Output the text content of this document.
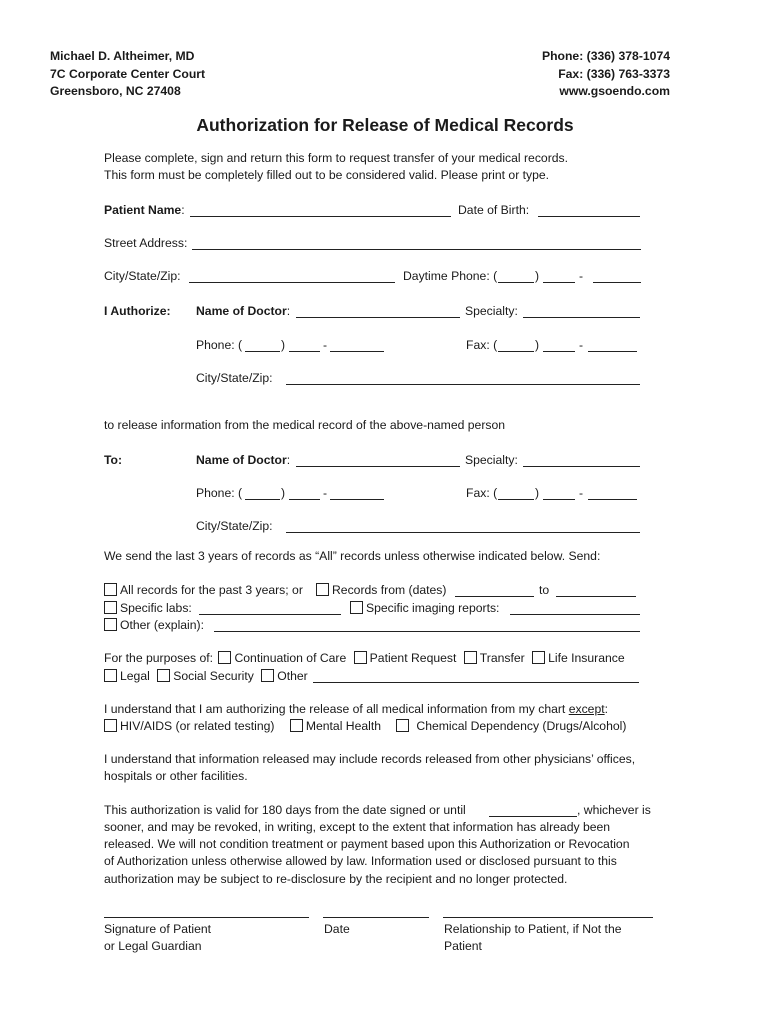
Michael D. Altheimer, MD
7C Corporate Center Court
Greensboro, NC 27408
Phone: (336) 378-1074
Fax: (336) 763-3373
www.gsoendo.com
Authorization for Release of Medical Records
Please complete, sign and return this form to request transfer of your medical records.
This form must be completely filled out to be considered valid. Please print or type.
Patient Name:	Date of Birth:
Street Address:
City/State/Zip:	Daytime Phone: (	)	-
I Authorize: Name of Doctor:	Specialty:
Phone: (	)	-	Fax: (	)	-
City/State/Zip:
to release information from the medical record of the above-named person
To:	Name of Doctor:	Specialty:
Phone: (	)	-	Fax: (	)	-
City/State/Zip:
We send the last 3 years of records as “All” records unless otherwise indicated below. Send:
All records for the past 3 years; or	Records from (dates)	to
Specific labs:	Specific imaging reports:
Other (explain):
For the purposes of: Continuation of Care Patient Request Transfer Life Insurance
Legal Social Security Other
I understand that I am authorizing the release of all medical information from my chart except:
HIV/AIDS (or related testing)	Mental Health	Chemical Dependency (Drugs/Alcohol)
I understand that information released may include records released from other physicians’ offices,
hospitals or other facilities.
This authorization is valid for 180 days from the date signed or until	, whichever is
sooner, and may be revoked, in writing, except to the extent that information has already been
released. We will not condition treatment or payment based upon this Authorization or Revocation
of Authorization unless otherwise allowed by law. Information used or disclosed pursuant to this
authorization may be subject to re-disclosure by the recipient and no longer protected.
Signature of Patient
or Legal Guardian
Date	Relationship to Patient, if Not the
Patient
